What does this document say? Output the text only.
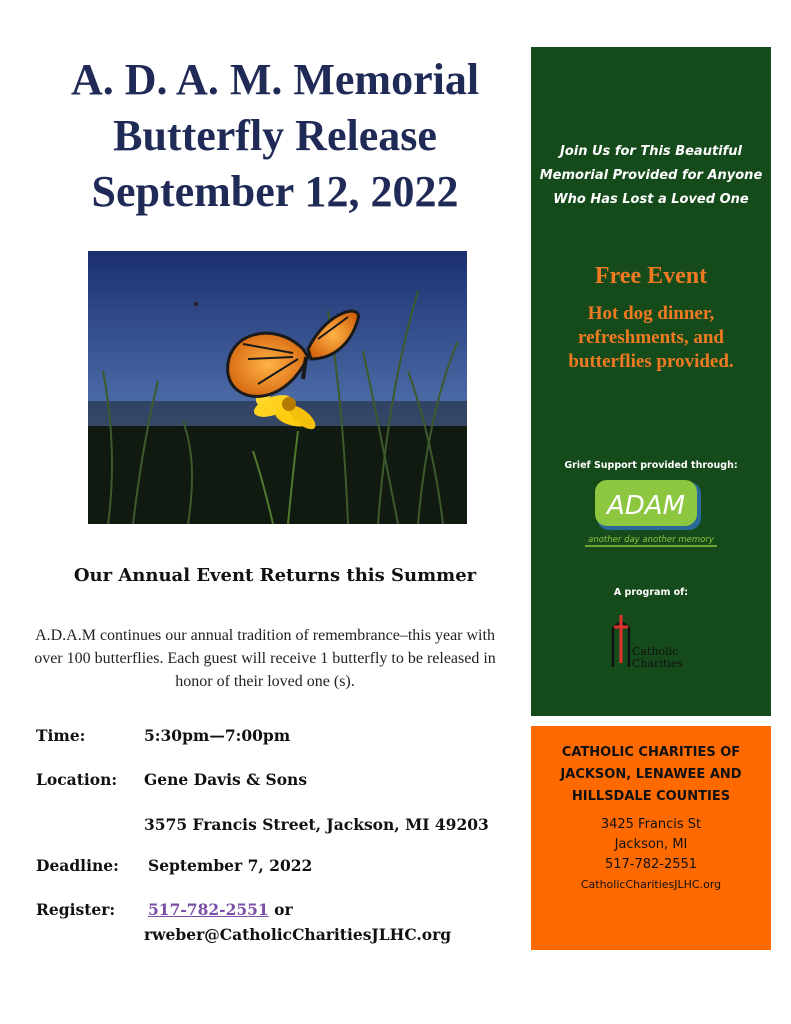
A. D. A. M. Memorial
Butterfly Release
September 12, 2022
Our Annual Event Returns this Summer
A.D.A.M continues our annual tradition of remembrance–this year with over 100 butterflies. Each guest will receive 1 butterfly to be released in honor of their loved one (s).
Time:	5:30pm—7:00pm
Location: Gene Davis & Sons
3575 Francis Street, Jackson, MI 49203
Deadline: September 7, 2022
Register: 517-782-2551 or
rweber@CatholicCharitiesJLHC.org
Join Us for This Beautiful Memorial Provided for Anyone Who Has Lost a Loved One
Free Event
Hot dog dinner, refreshments, and butterflies provided.
Grief Support provided through:
ADAM
another day another memory
A program of:
Catholic
Charities
CATHOLIC CHARITIES OF JACKSON, LENAWEE AND HILLSDALE COUNTIES
3425 Francis St
Jackson, MI
517-782-2551
CatholicCharitiesJLHC.org
